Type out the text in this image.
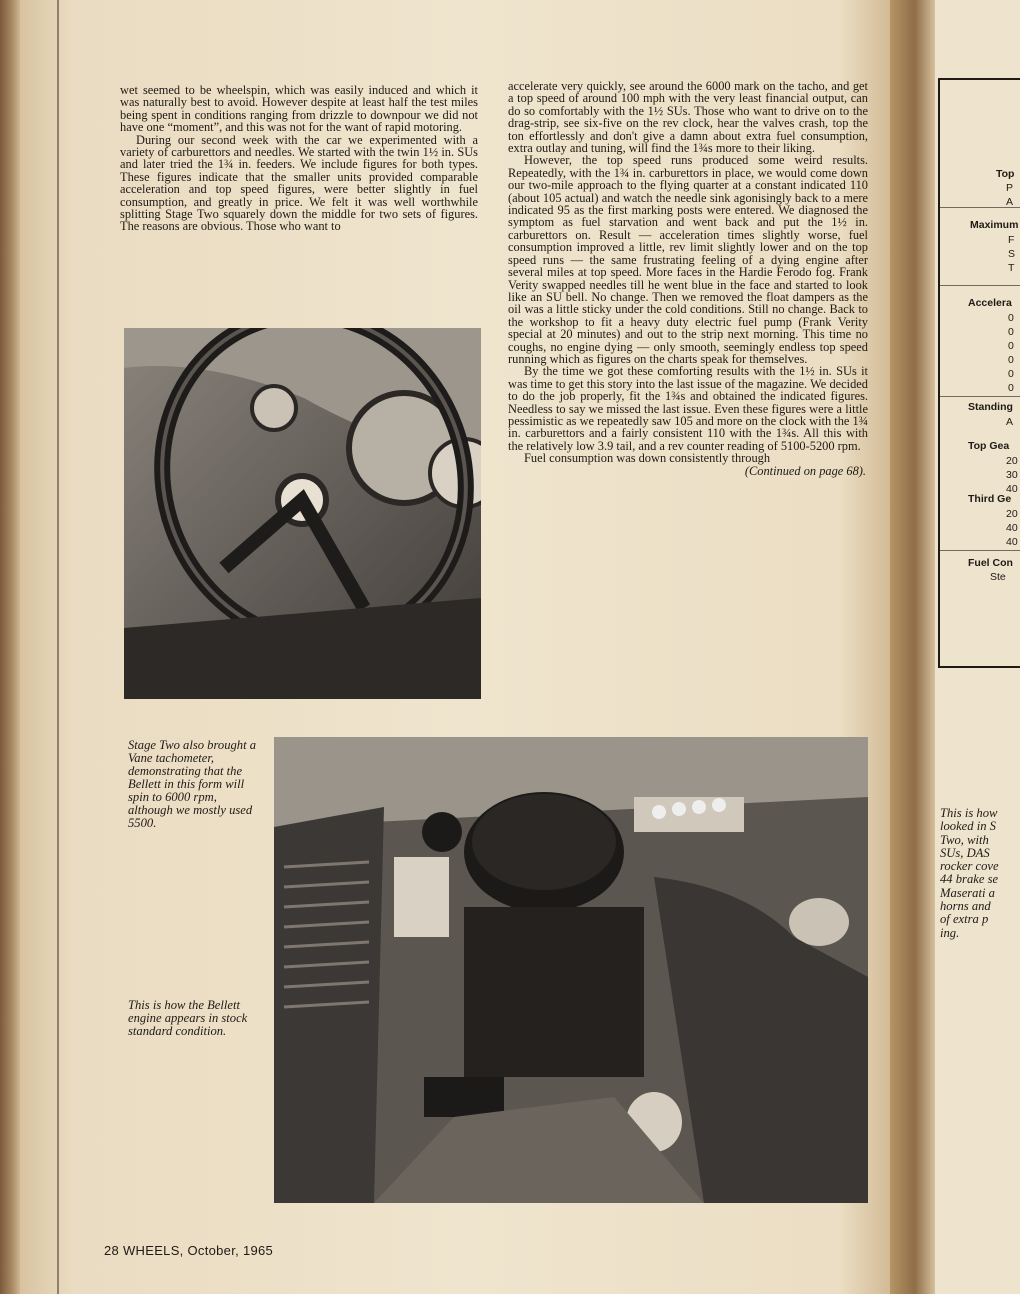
wet seemed to be wheelspin, which was easily induced and which it was naturally best to avoid. However despite at least half the test miles being spent in conditions ranging from drizzle to downpour we did not have one “moment”, and this was not for the want of rapid motoring.

During our second week with the car we experimented with a variety of carburettors and needles. We started with the twin 1½ in. SUs and later tried the 1¾ in. feeders. We include figures for both types. These figures indicate that the smaller units provided comparable acceleration and top speed figures, were better slightly in fuel consumption, and greatly in price. We felt it was well worthwhile splitting Stage Two squarely down the middle for two sets of figures. The reasons are obvious. Those who want to

accelerate very quickly, see around the 6000 mark on the tacho, and get a top speed of around 100 mph with the very least financial output, can do so comfortably with the 1½ SUs. Those who want to drive on to the drag-strip, see six-five on the rev clock, hear the valves crash, top the ton effortlessly and don't give a damn about extra fuel consumption, extra outlay and tuning, will find the 1¾s more to their liking.

However, the top speed runs produced some weird results. Repeatedly, with the 1¾ in. carburettors in place, we would come down our two-mile approach to the flying quarter at a constant indicated 110 (about 105 actual) and watch the needle sink agonisingly back to a mere indicated 95 as the first marking posts were entered. We diagnosed the symptom as fuel starvation and went back and put the 1½ in. carburettors on. Result — acceleration times slightly worse, fuel consumption improved a little, rev limit slightly lower and on the top speed runs — the same frustrating feeling of a dying engine after several miles at top speed. More faces in the Hardie Ferodo fog. Frank Verity swapped needles till he went blue in the face and started to look like an SU bell. No change. Then we removed the float dampers as the oil was a little sticky under the cold conditions. Still no change. Back to the workshop to fit a heavy duty electric fuel pump (Frank Verity special at 20 minutes) and out to the strip next morning. This time no coughs, no engine dying — only smooth, seemingly endless top speed running which as figures on the charts speak for themselves.

By the time we got these comforting results with the 1½ in. SUs it was time to get this story into the last issue of the magazine. We decided to do the job properly, fit the 1¾s and obtained the indicated figures. Needless to say we missed the last issue. Even these figures were a little pessimistic as we repeatedly saw 105 and more on the clock with the 1¾ in. carburettors and a fairly consistent 110 with the 1¾s. All this with the relatively low 3.9 tail, and a rev counter reading of 5100-5200 rpm.

Fuel consumption was down consistently through

(Continued on page 68).
Stage Two also brought a Vane tachometer, demonstrating that the Bellett in this form will spin to 6000 rpm, although we mostly used 5500.
This is how the Bellett engine appears in stock standard condition.
28 WHEELS, October, 1965
Top
P
A
Maximum
F
S
T
Accelera
0
0
0
0
0
0
Standing
A
Top Gea
20
30
40
Third Ge
20
40
40
Fuel Con
Ste
This is how
looked in S
Two, with
SUs, DAS
rocker cove
44 brake se
Maserati a
horns and
of extra p
ing.
